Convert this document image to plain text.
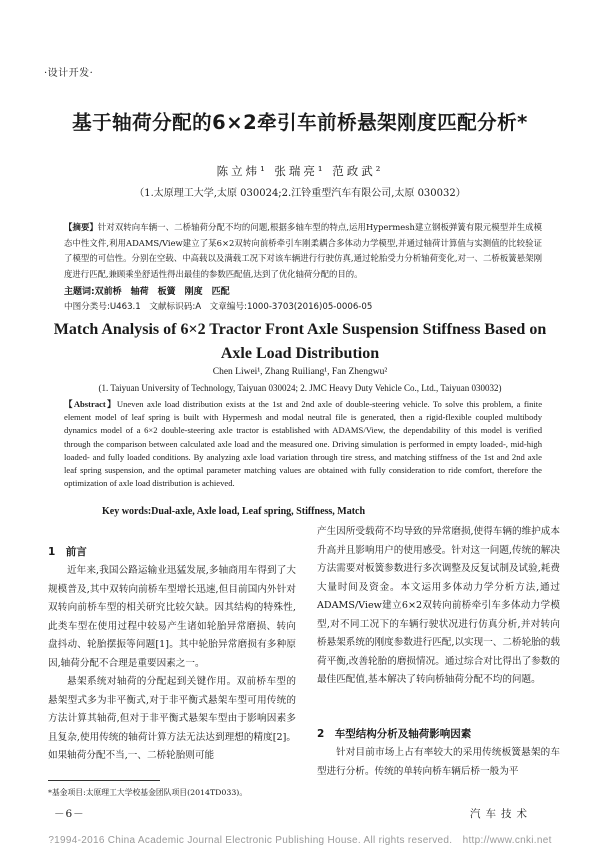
·设计开发·
基于轴荷分配的6×2牵引车前桥悬架刚度匹配分析*
陈立炜¹ 张瑞亮¹ 范政武²
（1.太原理工大学,太原 030024;2.江铃重型汽车有限公司,太原 030032）
【摘要】针对双转向车辆一、二桥轴荷分配不均的问题,根据多轴车型的特点,运用Hypermesh建立钢板弹簧有限元模型并生成模态中性文件,利用ADAMS/View建立了某6×2双转向前桥牵引车刚柔耦合多体动力学模型,并通过轴荷计算值与实测值的比较验证了模型的可信性。分别在空载、中高载以及满载工况下对该车辆进行行驶仿真,通过轮胎受力分析轴荷变化,对一、二桥板簧悬架刚度进行匹配,兼顾乘坐舒适性得出最佳的参数匹配值,达到了优化轴荷分配的目的。
主题词:双前桥　轴荷　板簧　刚度　匹配
中图分类号:U463.1　文献标识码:A　文章编号:1000-3703(2016)05-0006-05
Match Analysis of 6×2 Tractor Front Axle Suspension Stiffness Based on Axle Load Distribution
Chen Liwei¹, Zhang Ruiliang¹, Fan Zhengwu²
(1. Taiyuan University of Technology, Taiyuan 030024; 2. JMC Heavy Duty Vehicle Co., Ltd., Taiyuan 030032)
【Abstract】Uneven axle load distribution exists at the 1st and 2nd axle of double-steering vehicle. To solve this problem, a finite element model of leaf spring is built with Hypermesh and modal neutral file is generated, then a rigid-flexible coupled multibody dynamics model of a 6×2 double-steering axle tractor is established with ADAMS/View, the dependability of this model is verified through the comparison between calculated axle load and the measured one. Driving simulation is performed in empty loaded-, mid-high loaded- and fully loaded conditions. By analyzing axle load variation through tire stress, and matching stiffness of the 1st and 2nd axle leaf spring suspension, and the optimal parameter matching values are obtained with fully consideration to ride comfort, therefore the optimization of axle load distribution is achieved.
Key words:Dual-axle, Axle load, Leaf spring, Stiffness, Match
1　前言

近年来,我国公路运输业迅猛发展,多轴商用车得到了大规模普及,其中双转向前桥车型增长迅速,但目前国内外针对双转向前桥车型的相关研究比较欠缺。因其结构的特殊性,此类车型在使用过程中较易产生诸如轮胎异常磨损、转向盘抖动、轮胎摆振等问题[1]。其中轮胎异常磨损有多种原因,轴荷分配不合理是重要因素之一。

悬架系统对轴荷的分配起到关键作用。双前桥车型的悬架型式多为非平衡式,对于非平衡式悬架车型可用传统的方法计算其轴荷,但对于非平衡式悬架车型由于影响因素多且复杂,使用传统的轴荷计算方法无法达到理想的精度[2]。如果轴荷分配不当,一、二桥轮胎则可能

产生因所受载荷不均导致的异常磨损,使得车辆的维护成本升高并且影响用户的使用感受。针对这一问题,传统的解决方法需要对板簧参数进行多次调整及反复试制及试验,耗费大量时间及资金。本文运用多体动力学分析方法,通过ADAMS/View建立6×2双转向前桥牵引车多体动力学模型,对不同工况下的车辆行驶状况进行仿真分析,并对转向桥悬架系统的刚度参数进行匹配,以实现一、二桥轮胎的载荷平衡,改善轮胎的磨损情况。通过综合对比得出了参数的最佳匹配值,基本解决了转向桥轴荷分配不均的问题。

2　车型结构分析及轴荷影响因素

针对目前市场上占有率较大的采用传统板簧悬架的车型进行分析。传统的单转向桥车辆后桥一般为平

*基金项目:太原理工大学校基金团队项目(2014TD033)。
－6－	汽车技术
?1994-2016 China Academic Journal Electronic Publishing House. All rights reserved.　http://www.cnki.net
